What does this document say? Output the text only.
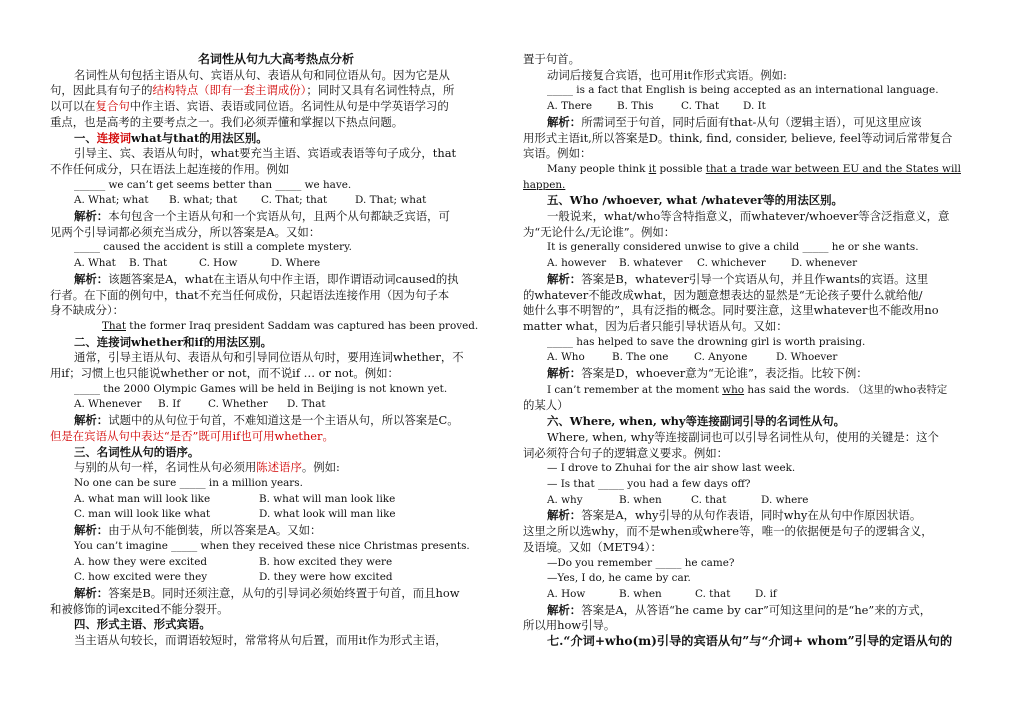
名词性从句九大高考热点分析
名词性从句包括主语从句、宾语从句、表语从句和同位语从句。因为它是从
句，因此具有句子的结构特点（即有一套主谓成份）；同时又具有名词性特点，所
以可以在复合句中作主语、宾语、表语或同位语。名词性从句是中学英语学习的
重点，也是高考的主要考点之一。我们必须弄懂和掌握以下热点问题。
一、连接词what与that的用法区别。
引导主、宾、表语从句时，what要充当主语、宾语或表语等句子成分，that
不作任何成分，只在语法上起连接的作用。例如
______ we can’t get seems better than _____ we have.
A. What; what	B. what; that	C. That; that	D. That; what
解析：本句包含一个主语从句和一个宾语从句，且两个从句都缺乏宾语，可
见两个引导词都必须充当成分，所以答案是A。又如：
_____ caused the accident is still a complete mystery.
A. What	B. That	C. How	D. Where
解析：该题答案是A，what在主语从句中作主语，即作谓语动词caused的执
行者。在下面的例句中，that不充当任何成份，只起语法连接作用（因为句子本
身不缺成分）：
That the former Iraq president Saddam was captured has been proved.
二、连接词whether和if的用法区别。
通常，引导主语从句、表语从句和引导同位语从句时，要用连词whether，不
用if；习惯上也只能说whether or not，而不说if … or not。例如：
_____ the 2000 Olympic Games will be held in Beijing is not known yet.
A. Whenever	B. If	C. Whether	D. That
解析：试题中的从句位于句首，不难知道这是一个主语从句，所以答案是C。
但是在宾语从句中表达“是否”既可用if也可用whether。
三、名词性从句的语序。
与别的从句一样，名词性从句必须用陈述语序。例如:
No one can be sure _____ in a million years.
A. what man will look like	B. what will man look like
C. man will look like what	D. what look will man like
解析：由于从句不能倒装，所以答案是A。又如：
You can’t imagine _____ when they received these nice Christmas presents.
A. how they were excited	B. how excited they were
C. how excited were they	D. they were how excited
解析：答案是B。同时还须注意，从句的引导词必须始终置于句首，而且how
和被修饰的词excited不能分裂开。
四、形式主语、形式宾语。
当主语从句较长，而谓语较短时，常常将从句后置，而用it作为形式主语，
置于句首。
动词后接复合宾语，也可用it作形式宾语。例如:
_____ is a fact that English is being accepted as an international language.
A. There	B. This	C. That	D. It
解析：所需词至于句首，同时后面有that-从句（逻辑主语），可见这里应该
用形式主语it,所以答案是D。think, find, consider, believe, feel等动词后常带复合
宾语。例如：
Many people think it possible that a trade war between EU and the States will
happen.
五、Who /whoever, what /whatever等的用法区别。
一般说来，what/who等含特指意义，而whatever/whoever等含泛指意义，意
为“无论什么/无论谁”。例如：
It is generally considered unwise to give a child _____ he or she wants.
A. however	B. whatever	C. whichever	D. whenever
解析：答案是B，whatever引导一个宾语从句，并且作wants的宾语。这里
的whatever不能改成what，因为题意想表达的显然是“无论孩子要什么就给他/
她什么事不明智的”，具有泛指的概念。同时要注意，这里whatever也不能改用no
matter what，因为后者只能引导状语从句。又如：
_____ has helped to save the drowning girl is worth praising.
A. Who	B. The one	C. Anyone	D. Whoever
解析：答案是D，whoever意为“无论谁”，表泛指。比较下例：
I can’t remember at the moment who has said the words. （这里的who表特定
的某人）
六、Where, when, why等连接副词引导的名词性从句。
Where, when, why等连接副词也可以引导名词性从句，使用的关键是：这个
词必须符合句子的逻辑意义要求。例如：
— I drove to Zhuhai for the air show last week.
— Is that _____ you had a few days off?
A. why	B. when	C. that	D. where
解析：答案是A，why引导的从句作表语，同时why在从句中作原因状语。
这里之所以选why，而不是when或where等，唯一的依据便是句子的逻辑含义，
及语境。又如（MET94）：
—Do you remember _____ he came?
—Yes, I do, he came by car.
A. How	B. when	C. that	D. if
解析：答案是A，从答语“he came by car”可知这里问的是“he”来的方式，
所以用how引导。
七.“介词+who(m)引导的宾语从句”与“介词+ whom”引导的定语从句的
